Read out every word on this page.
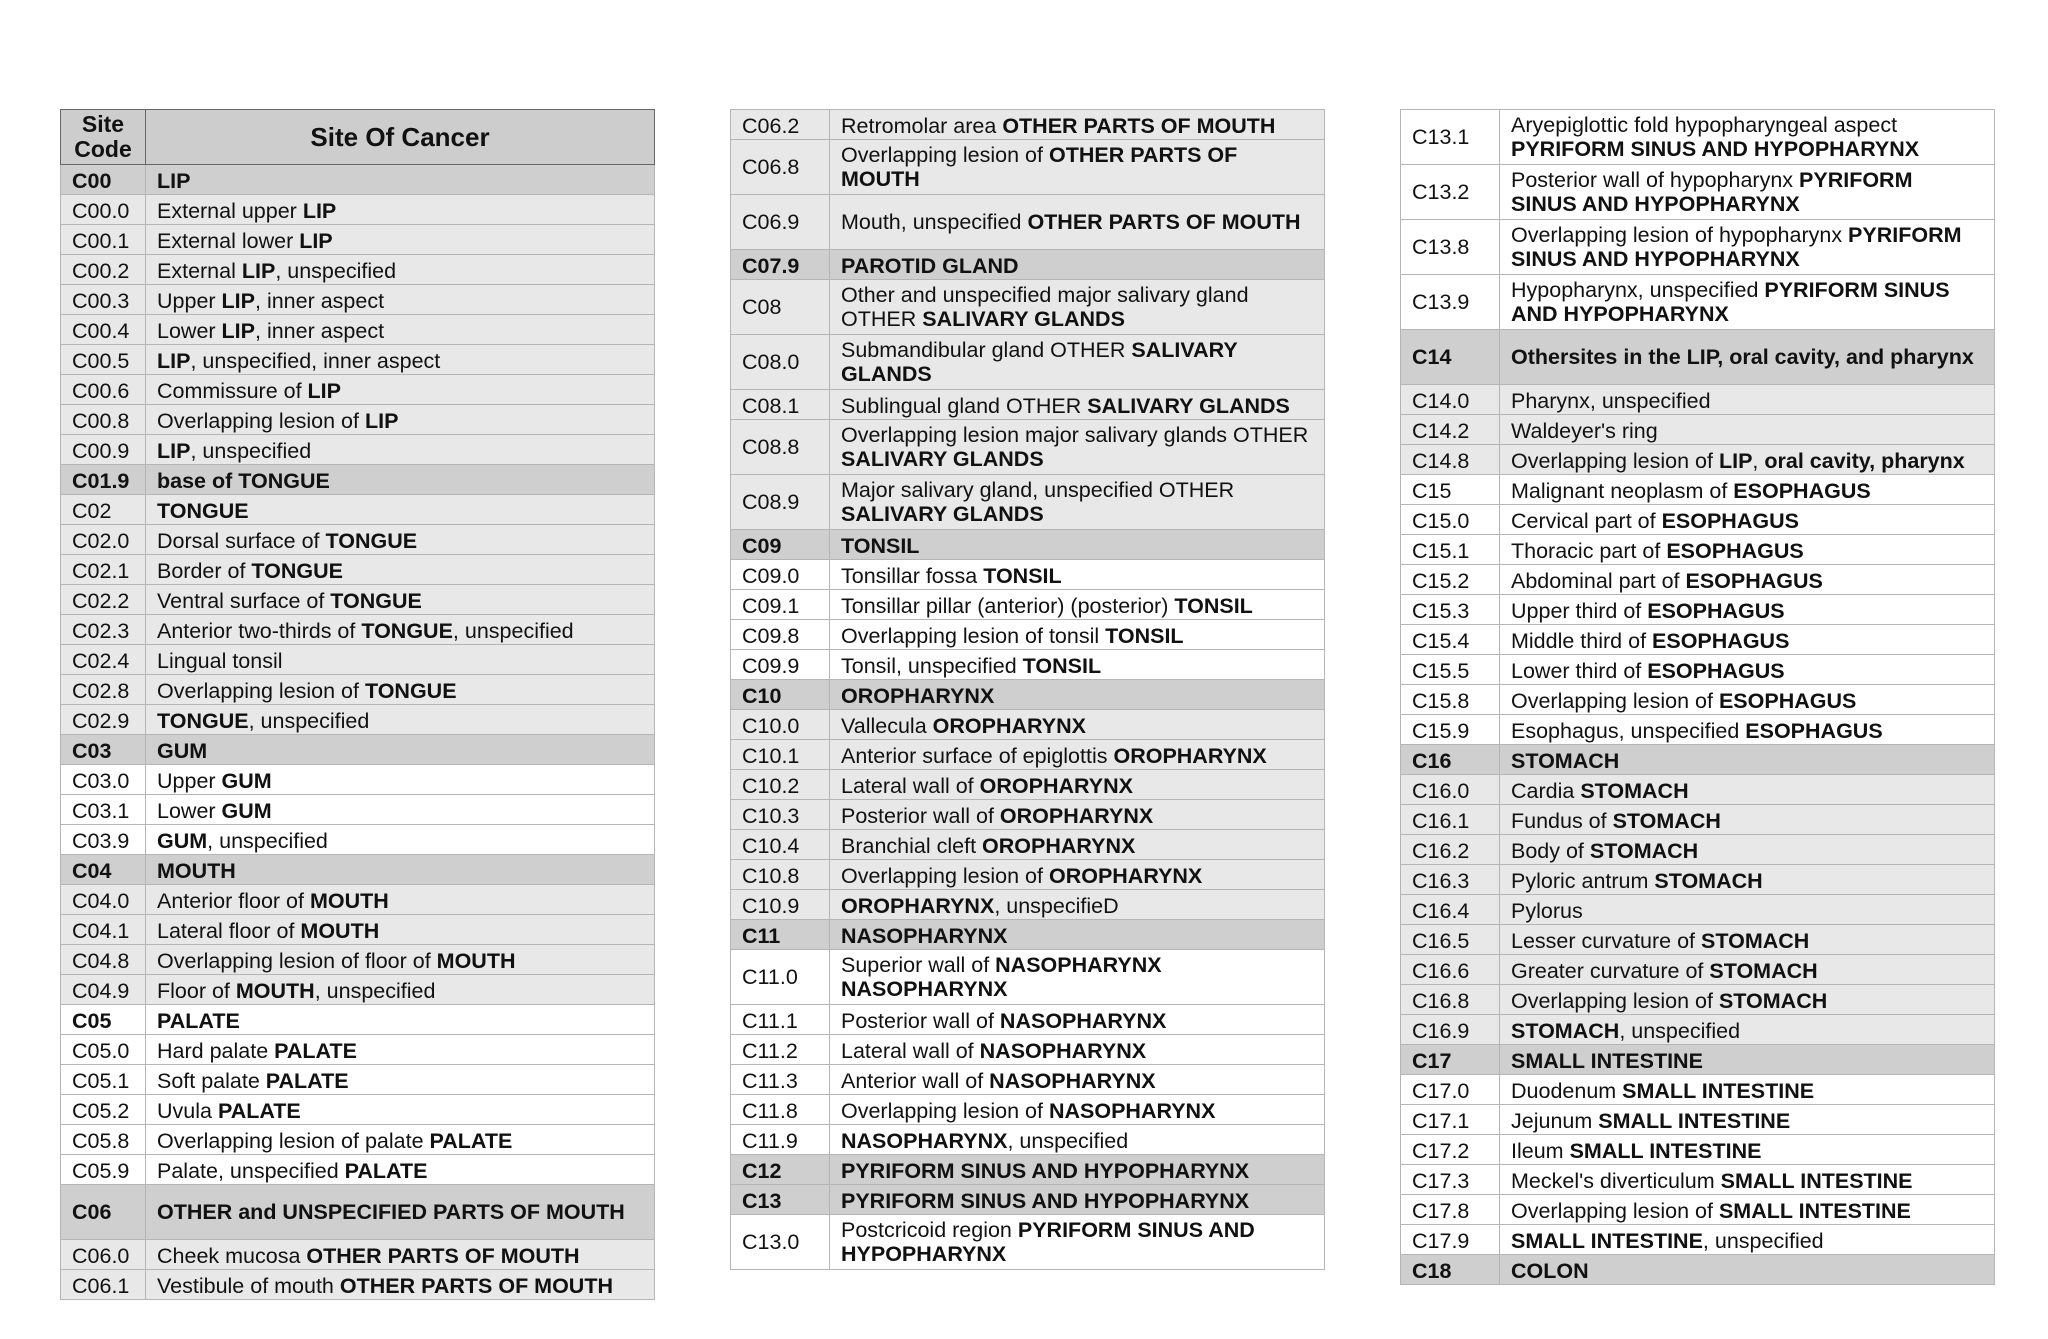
Site Code	Site Of Cancer
C00	LIP
C00.0	External upper LIP
C00.1	External lower LIP
C00.2	External LIP, unspecified
C00.3	Upper LIP, inner aspect
C00.4	Lower LIP, inner aspect
C00.5	LIP, unspecified, inner aspect
C00.6	Commissure of LIP
C00.8	Overlapping lesion of LIP
C00.9	LIP, unspecified
C01.9	base of TONGUE
C02	TONGUE
C02.0	Dorsal surface of TONGUE
C02.1	Border of TONGUE
C02.2	Ventral surface of TONGUE
C02.3	Anterior two-thirds of TONGUE, unspecified
C02.4	Lingual tonsil
C02.8	Overlapping lesion of TONGUE
C02.9	TONGUE, unspecified
C03	GUM
C03.0	Upper GUM
C03.1	Lower GUM
C03.9	GUM, unspecified
C04	MOUTH
C04.0	Anterior floor of MOUTH
C04.1	Lateral floor of MOUTH
C04.8	Overlapping lesion of floor of MOUTH
C04.9	Floor of MOUTH, unspecified
C05	PALATE
C05.0	Hard palate PALATE
C05.1	Soft palate PALATE
C05.2	Uvula PALATE
C05.8	Overlapping lesion of palate PALATE
C05.9	Palate, unspecified PALATE
C06	OTHER and UNSPECIFIED PARTS OF MOUTH
C06.0	Cheek mucosa OTHER PARTS OF MOUTH
C06.1	Vestibule of mouth OTHER PARTS OF MOUTH
C06.2	Retromolar area OTHER PARTS OF MOUTH
C06.8	Overlapping lesion of OTHER PARTS OF MOUTH
C06.9	Mouth, unspecified OTHER PARTS OF MOUTH
C07.9	PAROTID GLAND
C08	Other and unspecified major salivary gland OTHER SALIVARY GLANDS
C08.0	Submandibular gland OTHER SALIVARY GLANDS
C08.1	Sublingual gland OTHER SALIVARY GLANDS
C08.8	Overlapping lesion major salivary glands OTHER SALIVARY GLANDS
C08.9	Major salivary gland, unspecified OTHER SALIVARY GLANDS
C09	TONSIL
C09.0	Tonsillar fossa TONSIL
C09.1	Tonsillar pillar (anterior) (posterior) TONSIL
C09.8	Overlapping lesion of tonsil TONSIL
C09.9	Tonsil, unspecified TONSIL
C10	OROPHARYNX
C10.0	Vallecula OROPHARYNX
C10.1	Anterior surface of epiglottis OROPHARYNX
C10.2	Lateral wall of OROPHARYNX
C10.3	Posterior wall of OROPHARYNX
C10.4	Branchial cleft OROPHARYNX
C10.8	Overlapping lesion of OROPHARYNX
C10.9	OROPHARYNX, unspecifieD
C11	NASOPHARYNX
C11.0	Superior wall of NASOPHARYNX NASOPHARYNX
C11.1	Posterior wall of NASOPHARYNX
C11.2	Lateral wall of NASOPHARYNX
C11.3	Anterior wall of NASOPHARYNX
C11.8	Overlapping lesion of NASOPHARYNX
C11.9	NASOPHARYNX, unspecified
C12	PYRIFORM SINUS AND HYPOPHARYNX
C13	PYRIFORM SINUS AND HYPOPHARYNX
C13.0	Postcricoid region PYRIFORM SINUS AND HYPOPHARYNX
C13.1	Aryepiglottic fold hypopharyngeal aspect PYRIFORM SINUS AND HYPOPHARYNX
C13.2	Posterior wall of hypopharynx PYRIFORM SINUS AND HYPOPHARYNX
C13.8	Overlapping lesion of hypopharynx PYRIFORM SINUS AND HYPOPHARYNX
C13.9	Hypopharynx, unspecified PYRIFORM SINUS AND HYPOPHARYNX
C14	Othersites in the LIP, oral cavity, and pharynx
C14.0	Pharynx, unspecified
C14.2	Waldeyer's ring
C14.8	Overlapping lesion of LIP, oral cavity, pharynx
C15	Malignant neoplasm of ESOPHAGUS
C15.0	Cervical part of ESOPHAGUS
C15.1	Thoracic part of ESOPHAGUS
C15.2	Abdominal part of ESOPHAGUS
C15.3	Upper third of ESOPHAGUS
C15.4	Middle third of ESOPHAGUS
C15.5	Lower third of ESOPHAGUS
C15.8	Overlapping lesion of ESOPHAGUS
C15.9	Esophagus, unspecified ESOPHAGUS
C16	STOMACH
C16.0	Cardia STOMACH
C16.1	Fundus of STOMACH
C16.2	Body of STOMACH
C16.3	Pyloric antrum STOMACH
C16.4	Pylorus
C16.5	Lesser curvature of STOMACH
C16.6	Greater curvature of STOMACH
C16.8	Overlapping lesion of STOMACH
C16.9	STOMACH, unspecified
C17	SMALL INTESTINE
C17.0	Duodenum SMALL INTESTINE
C17.1	Jejunum SMALL INTESTINE
C17.2	Ileum SMALL INTESTINE
C17.3	Meckel's diverticulum SMALL INTESTINE
C17.8	Overlapping lesion of SMALL INTESTINE
C17.9	SMALL INTESTINE, unspecified
C18	COLON
